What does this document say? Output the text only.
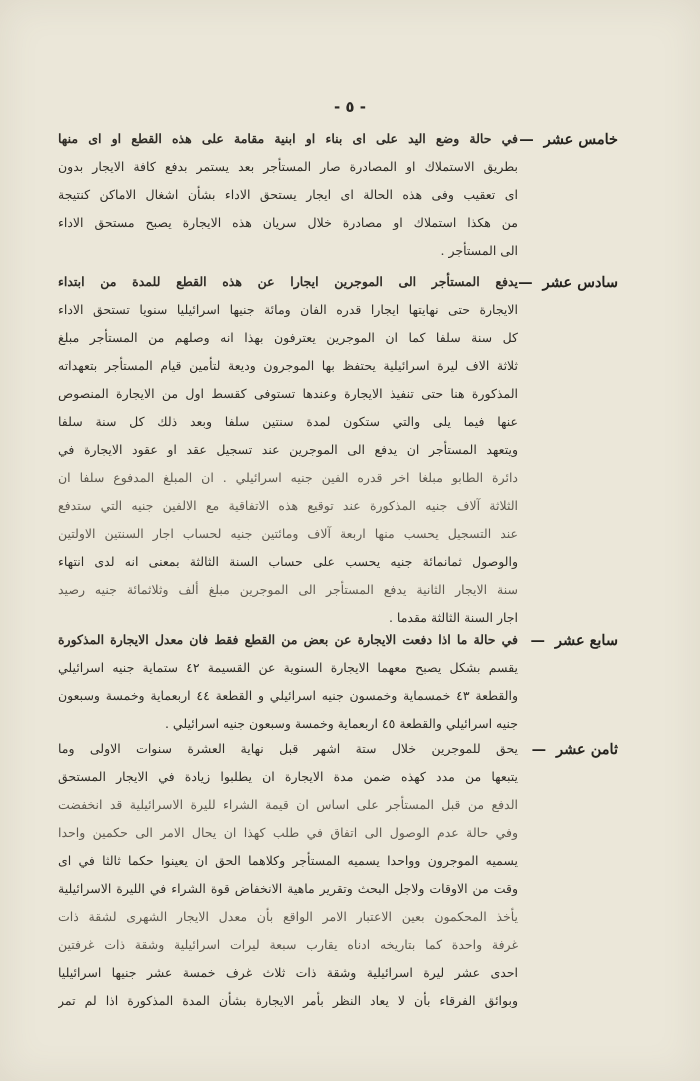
- ٥ -
خامس عشر—
في حالة وضع اليد على اى بناء او ابنية مقامة على هذه القطع او اى منها
بطريق الاستملاك او المصادرة صار المستأجر بعد يستمر بدفع كافة الايجار بدون
اى تعقيب وفى هذه الحالة اى ايجار يستحق الاداء بشأن اشغال الاماكن كنتيجة
من هكذا استملاك او مصادرة خلال سريان هذه الايجارة يصبح مستحق الاداء
الى المستأجر .
سادس عشر—
يدفع المستأجر الى الموجرين ايجارا عن هذه القطع للمدة من ابتداء
الايجارة حتى نهايتها ايجارا قدره الفان ومائة جنيها اسرائيليا سنويا تستحق الاداء
كل سنة سلفا كما ان الموجرين يعترفون بهذا انه وصلهم من المستأجر مبلغ
ثلاثة الاف ليرة اسرائيلية يحتفظ بها الموجرون وديعة لتأمين قيام المستأجر بتعهداته
المذكورة هنا حتى تنفيذ الايجارة وعندها تستوفى كقسط اول من الايجارة المنصوص
عنها فيما يلى والتي ستكون لمدة سنتين سلفا وبعد ذلك كل سنة سلفا
ويتعهد المستأجر ان يدفع الى الموجرين عند تسجيل عقد او عقود الايجارة في
دائرة الطابو مبلغا اخر قدره الفين جنيه اسرائيلي . ان المبلغ المدفوع سلفا ان
الثلاثة آلاف جنيه المذكورة عند توقيع هذه الاتفاقية مع الالفين جنيه التي ستدفع
عند التسجيل يحسب منها اربعة آلاف ومائتين جنيه لحساب اجار السنتين الاولتين
والوصول ثمانمائة جنيه يحسب على حساب السنة الثالثة بمعنى انه لدى انتهاء
سنة الايجار الثانية يدفع المستأجر الى الموجرين مبلغ ألف وثلاثمائة جنيه رصيد
اجار السنة الثالثة مقدما .
سابع عشر—
في حالة ما اذا دفعت الايجارة عن بعض من القطع فقط فان معدل الايجارة المذكورة
يقسم بشكل يصبح معهما الايجارة السنوية عن القسيمة ٤٢ ستماية جنيه اسرائيلي
والقطعة ٤٣ خمسماية وخمسون جنيه اسرائيلي و القطعة ٤٤ اربعماية وخمسة وسبعون
جنيه اسرائيلي والقطعة ٤٥ اربعماية وخمسة وسبعون جنيه اسرائيلي .
ثامن عشر—
يحق للموجرين خلال ستة اشهر قبل نهاية العشرة سنوات الاولى وما
يتبعها من مدد كهذه ضمن مدة الايجارة ان يطلبوا زيادة في الايجار المستحق
الدفع من قبل المستأجر على اساس ان قيمة الشراء لليرة الاسرائيلية قد انخفضت
وفي حالة عدم الوصول الى اتفاق في طلب كهذا ان يحال الامر الى حكمين واحدا
يسميه الموجرون وواحدا يسميه المستأجر وكلاهما الحق ان يعينوا حكما ثالثا في اى
وقت من الاوقات ولاجل البحث وتقرير ماهية الانخفاض قوة الشراء في الليرة الاسرائيلية
يأخذ المحكمون بعين الاعتبار الامر الواقع بأن معدل الايجار الشهرى لشقة ذات
غرفة واحدة كما بتاريخه ادناه يقارب سبعة ليرات اسرائيلية وشقة ذات غرفتين
احدى عشر ليرة اسرائيلية وشقة ذات ثلاث غرف خمسة عشر جنيها اسرائيليا
وبوائق الفرقاء بأن لا يعاد النظر بأمر الايجارة بشأن المدة المذكورة اذا لم تمر
